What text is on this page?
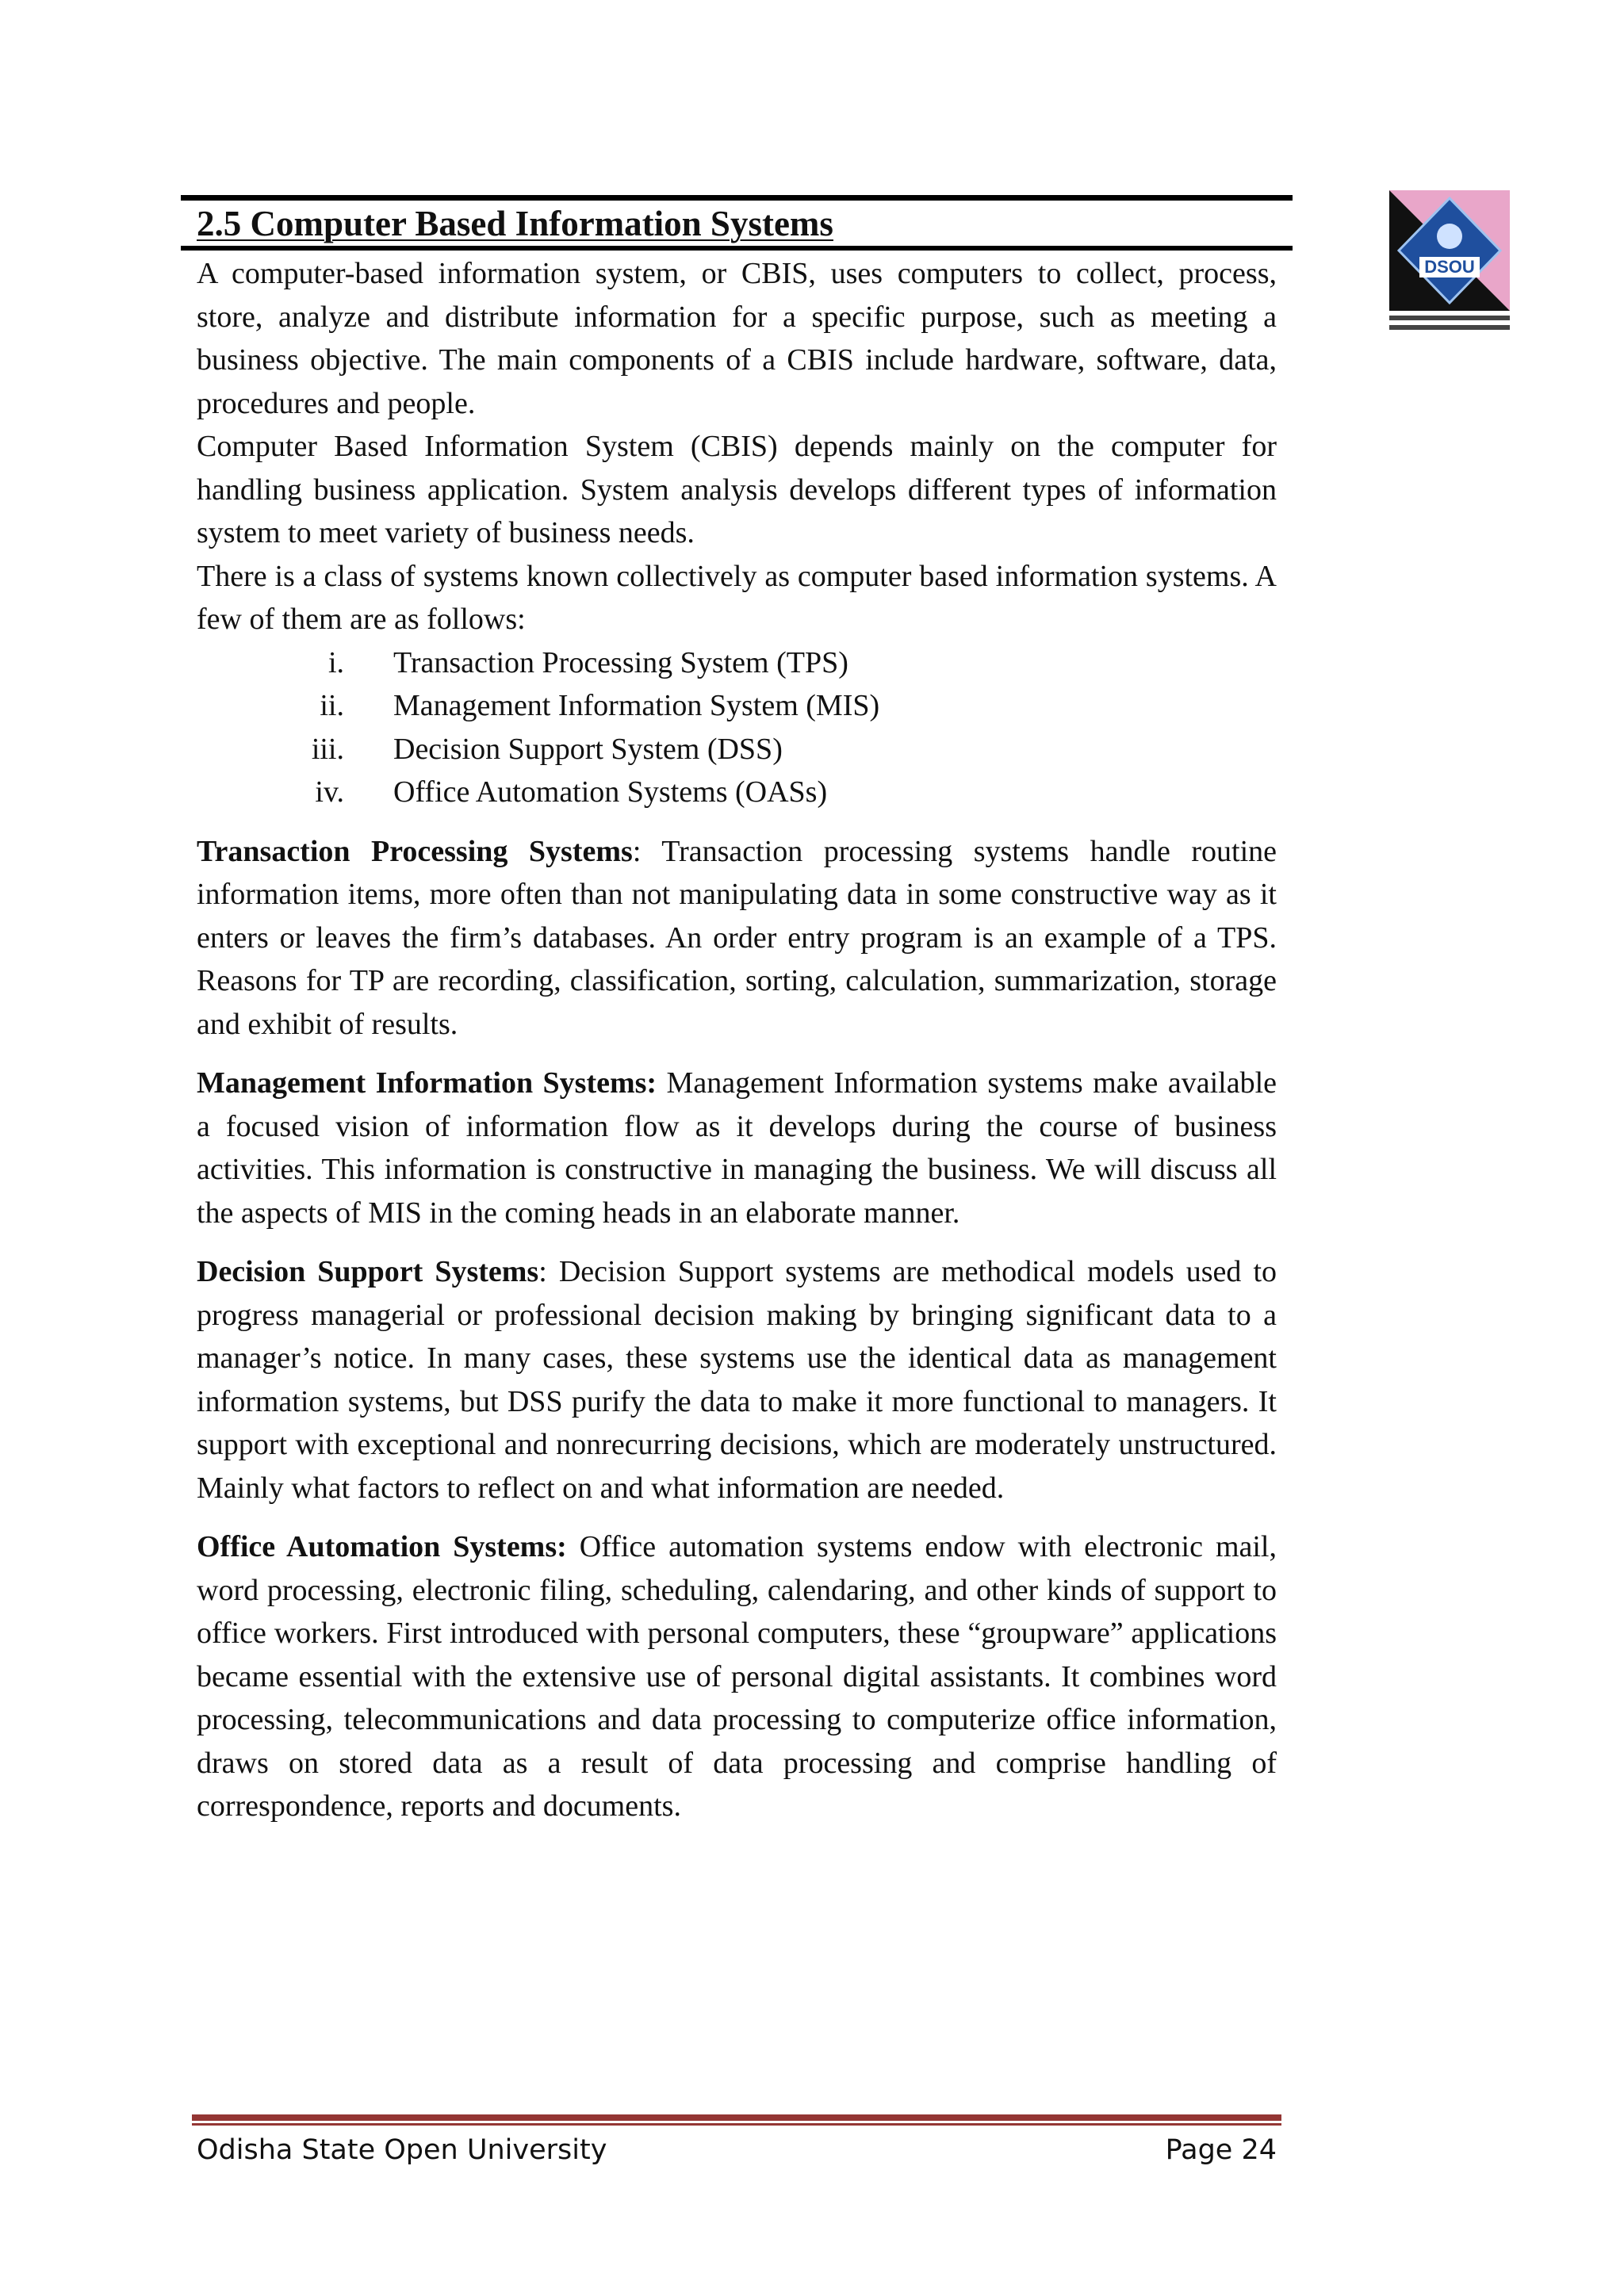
2.5 Computer Based Information Systems
DSOU

A computer-based information system, or CBIS, uses computers to collect, process, store, analyze and distribute information for a specific purpose, such as meeting a business objective. The main components of a CBIS include hardware, software, data, procedures and people.

Computer Based Information System (CBIS) depends mainly on the computer for handling business application. System analysis develops different types of information system to meet variety of business needs.

There is a class of systems known collectively as computer based information systems. A few of them are as follows:

i. Transaction Processing System (TPS)
ii. Management Information System (MIS)
iii. Decision Support System (DSS)
iv. Office Automation Systems (OASs)

Transaction Processing Systems: Transaction processing systems handle routine information items, more often than not manipulating data in some constructive way as it enters or leaves the firm’s databases. An order entry program is an example of a TPS. Reasons for TP are recording, classification, sorting, calculation, summarization, storage and exhibit of results.

Management Information Systems: Management Information systems make available a focused vision of information flow as it develops during the course of business activities. This information is constructive in managing the business. We will discuss all the aspects of MIS in the coming heads in an elaborate manner.

Decision Support Systems: Decision Support systems are methodical models used to progress managerial or professional decision making by bringing significant data to a manager’s notice. In many cases, these systems use the identical data as management information systems, but DSS purify the data to make it more functional to managers. It support with exceptional and nonrecurring decisions, which are moderately unstructured. Mainly what factors to reflect on and what information are needed.

Office Automation Systems: Office automation systems endow with electronic mail, word processing, electronic filing, scheduling, calendaring, and other kinds of support to office workers. First introduced with personal computers, these “groupware” applications became essential with the extensive use of personal digital assistants. It combines word processing, telecommunications and data processing to computerize office information, draws on stored data as a result of data processing and comprise handling of correspondence, reports and documents.

Odisha State Open University	Page 24
